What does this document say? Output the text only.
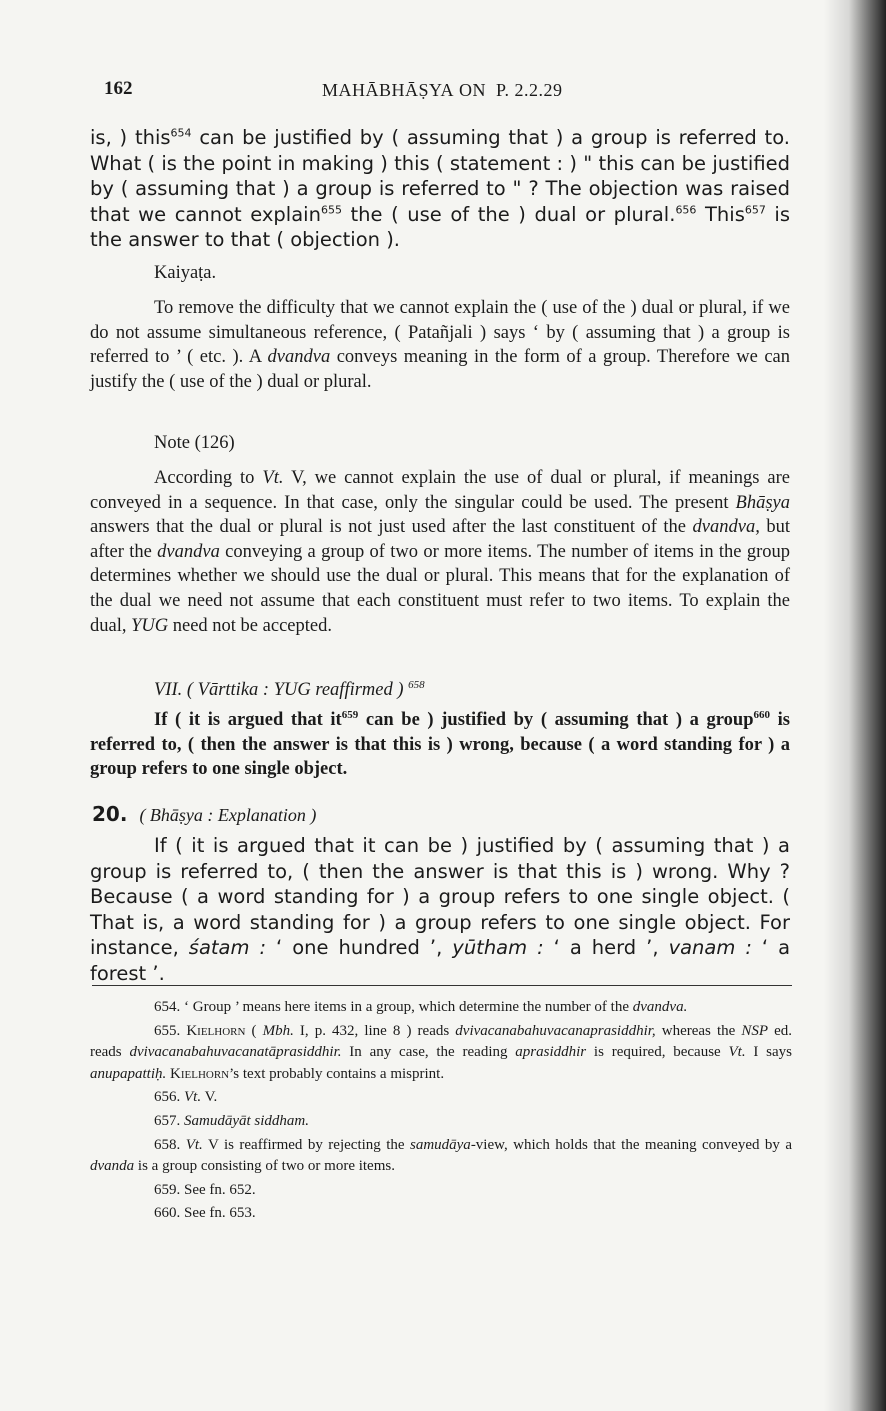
162	MAHĀBHĀṢYA ON P. 2.2.29

is, ) this$^{654}$ can be justified by ( assuming that ) a group is referred to. What ( is the point in making ) this ( statement : ) " this can be justified by ( assuming that ) a group is referred to " ? The objection was raised that we cannot explain$^{655}$ the ( use of the ) dual or plural.$^{656}$ This$^{657}$ is the answer to that ( objection ).

Kaiyaṭa.

To remove the difficulty that we cannot explain the ( use of the ) dual or plural, if we do not assume simultaneous reference, ( Patañjali ) says ‘ by ( assuming that ) a group is referred to ’ ( etc. ). A dvandva conveys meaning in the form of a group. Therefore we can justify the ( use of the ) dual or plural.

Note (126)

According to Vt. V, we cannot explain the use of dual or plural, if meanings are conveyed in a sequence. In that case, only the singular could be used. The present Bhāṣya answers that the dual or plural is not just used after the last constituent of the dvandva, but after the dvandva conveying a group of two or more items. The number of items in the group determines whether we should use the dual or plural. This means that for the explanation of the dual we need not assume that each constituent must refer to two items. To explain the dual, YUG need not be accepted.

VII. ( Vārttika : YUG reaffirmed ) $^{658}$

If ( it is argued that $it^{659}$ can be ) justified by ( assuming that ) a group$^{660}$ is referred to, ( then the answer is that this is ) wrong, because ( a word standing for ) a group refers to one single object.

20. ( Bhāṣya : Explanation )

If ( it is argued that it can be ) justified by ( assuming that ) a group is referred to, ( then the answer is that this is ) wrong. Why ? Because ( a word standing for ) a group refers to one single object. ( That is, a word standing for ) a group refers to one single object. For instance, śatam : ‘ one hundred ’, yūtham : ‘ a herd ’, vanam : ‘ a forest ’.

654. ‘ Group ’ means here items in a group, which determine the number of the dvandva.

655. Kielhorn ( Mbh. I, p. 432, line 8 ) reads dvivacanabahuvacanaprasiddhir, whereas the NSP ed. reads dvivacanabahuvacanatāprasiddhir. In any case, the reading aprasiddhir is required, because Vt. I says anupapattiḥ. Kielhorn’s text probably contains a misprint.

656. Vt. V.

657. Samudāyāt siddham.

658. Vt. V is reaffirmed by rejecting the samudāya-view, which holds that the meaning conveyed by a dvanda is a group consisting of two or more items.

659. See fn. 652.

660. See fn. 653.
